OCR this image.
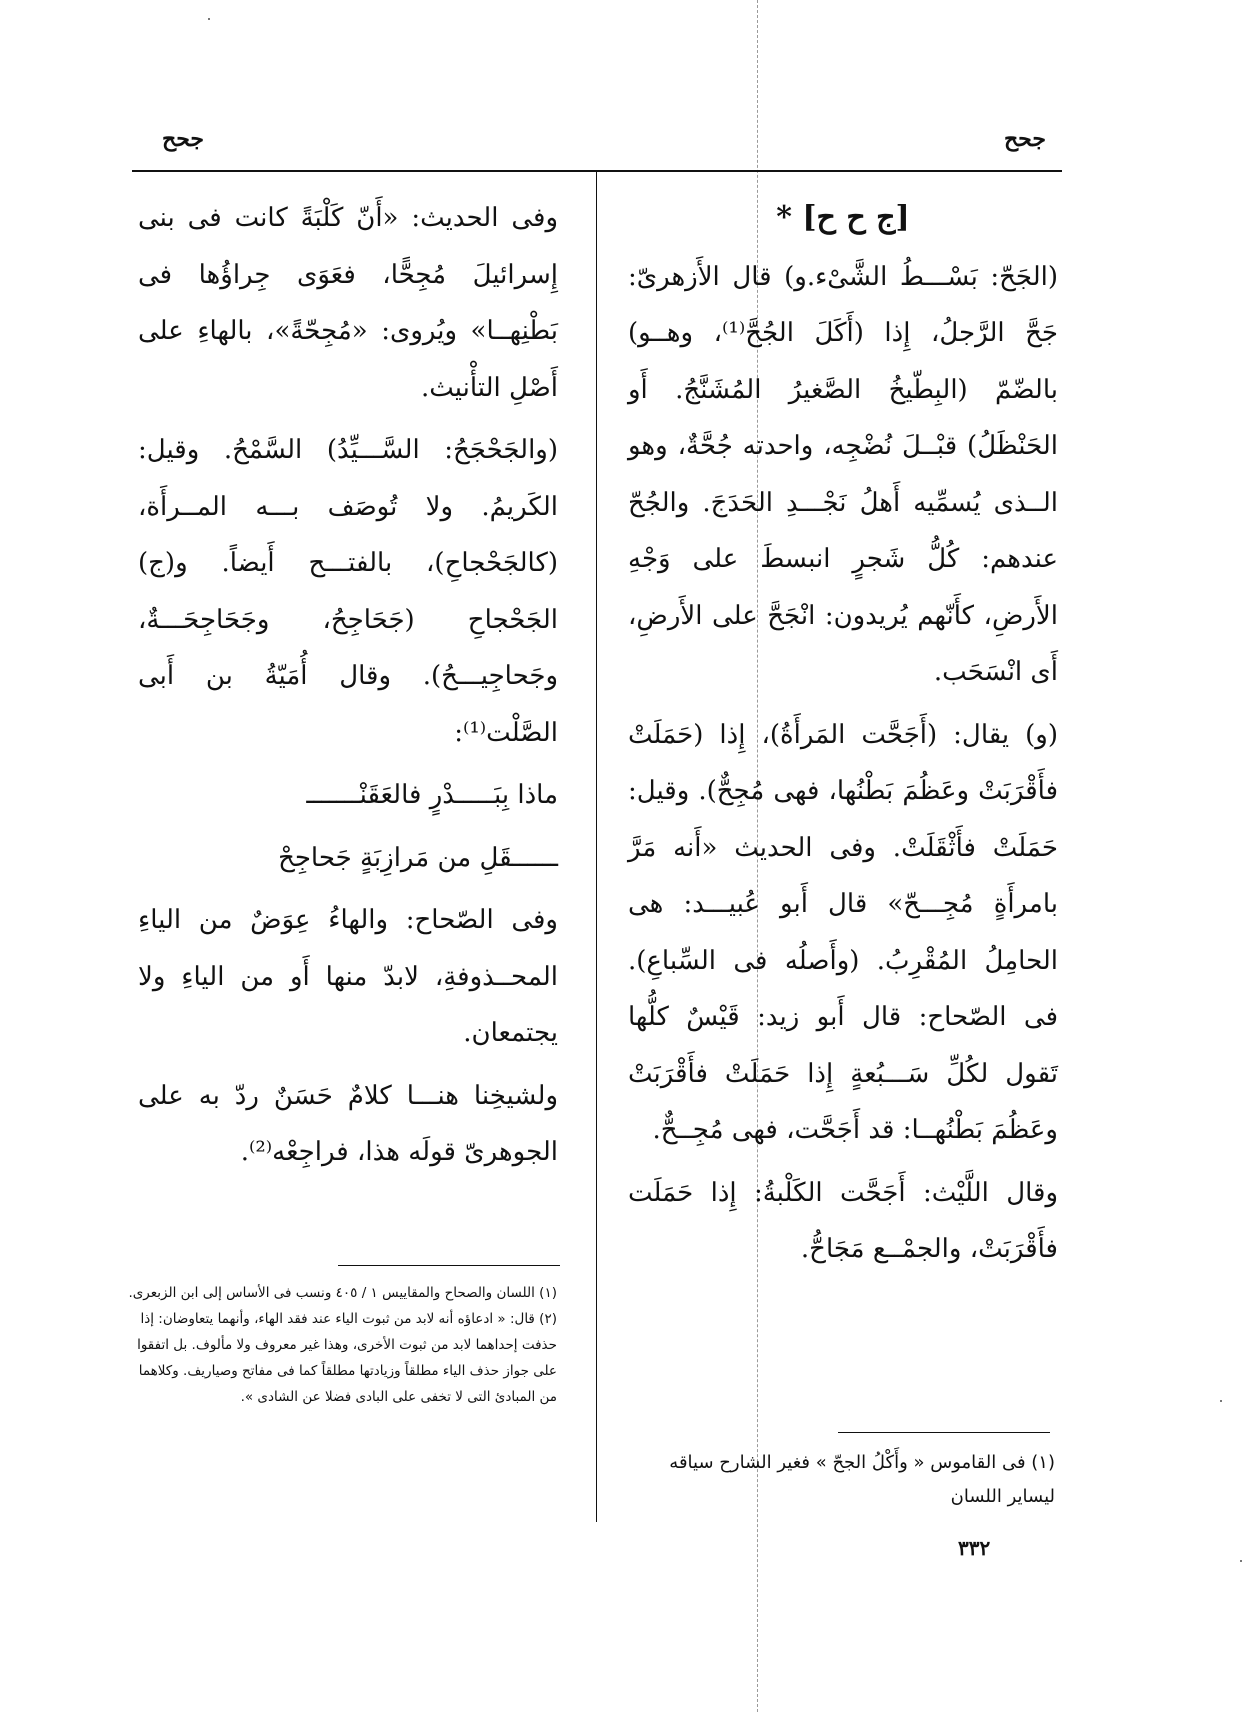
جحح	جحح
[ج ح ح] *

(الجَحّ: بَسْـــطُ الشَّىْء.و) قال الأَزهرىّ: جَحَّ الرَّجلُ، إِذا (أَكَلَ الجُحَّ⁽¹⁾، وهــو) بالضّمّ (البِطّيخُ الصَّغيرُ المُشَنَّجُ. أَو الحَنْظَلُ) قبْــلَ نُضْجِه، واحدته جُحَّةٌ، وهو الــذى يُسمِّيه أَهلُ نَجْـــدِ الحَدَجَ. والجُحّ عندهم: كُلُّ شَجرٍ انبسطَ على وَجْهِ الأَرضِ، كأَنّهم يُريدون: انْجَحَّ على الأَرضِ، أَى انْسَحَب.

(و) يقال: (أَجَحَّت المَرأَةُ)، إِذا (حَمَلَتْ فأَقْرَبَتْ وعَظُمَ بَطْنُها، فهى مُجِحٌّ). وقيل: حَمَلَتْ فأَثْقَلَتْ. وفى الحديث «أَنه مَرَّ بامرأَةٍ مُجِـــحّ» قال أَبو عُبيـــد: هى الحامِلُ المُقْرِبُ. (وأَصلُه فى السِّباعِ). فى الصّحاح: قال أَبو زيد: قَيْسٌ كلُّها تَقول لكُلِّ سَـــبُعةٍ إِذا حَمَلَتْ فأَقْرَبَتْ وعَظُمَ بَطْنُهــا: قد أَجَحَّت، فهى مُجِــحٌّ.

وقال اللَّيْث: أَجَحَّت الكَلْبةُ: إِذا حَمَلَت فأَقْرَبَتْ، والجمْــع مَجَاحُّ.

وفى الحديث: «أَنّ كَلْبَةً كانت فى بنى إِسرائيلَ مُجِحًّا، فعَوَى جِراؤُها فى بَطْنِهــا» ويُروى: «مُجِحّةً»، بالهاءِ على أَصْلِ التأْنيث.

(والجَحْجَحُ: السَّـــيِّدُ) السَّمْحُ. وقيل: الكَريمُ. ولا تُوصَف بـــه المــرأَة، (كالجَحْجاحِ)، بالفتـــح أَيضاً. و(ج) الجَحْجاحِ (جَحَاجِحُ، وجَحَاجِحَـــةٌ، وجَحاجِيـــحُ). وقال أُمَيّةُ بن أَبى الصَّلْت⁽¹⁾:

ماذا بِبَـــــدْرٍ فالعَقَنْـــــــ

ــــــقَلِ من مَرازِبَةٍ جَحاجِحْ

وفى الصّحاح: والهاءُ عِوَضٌ من الياءِ المحــذوفةِ، لابدّ منها أَو من الياءِ ولا يجتمعان.

ولشيخِنا هنـــا كلامٌ حَسَنٌ ردّ به على الجوهرىّ قولَه هذا، فراجِعْه⁽²⁾.

(١) فى القاموس « وأَكْلُ الجحّ » فغير الشارح سياقه ليساير اللسان

(١) اللسان والصحاح والمقاييس ١ / ٤٠٥ ونسب فى الأساس إلى ابن الزبعرى.

(٢) قال: « ادعاؤه أنه لابد من ثبوت الياء عند فقد الهاء، وأنهما يتعاوضان: إذا حذفت إحداهما لابد من ثبوت الأخرى، وهذا غير معروف ولا مألوف. بل اتفقوا على جواز حذف الياء مطلقاً وزيادتها مطلقاً كما فى مفاتح وصياريف. وكلاهما من المبادئ التى لا تخفى على البادى فضلا عن الشادى ».

٣٣٢
